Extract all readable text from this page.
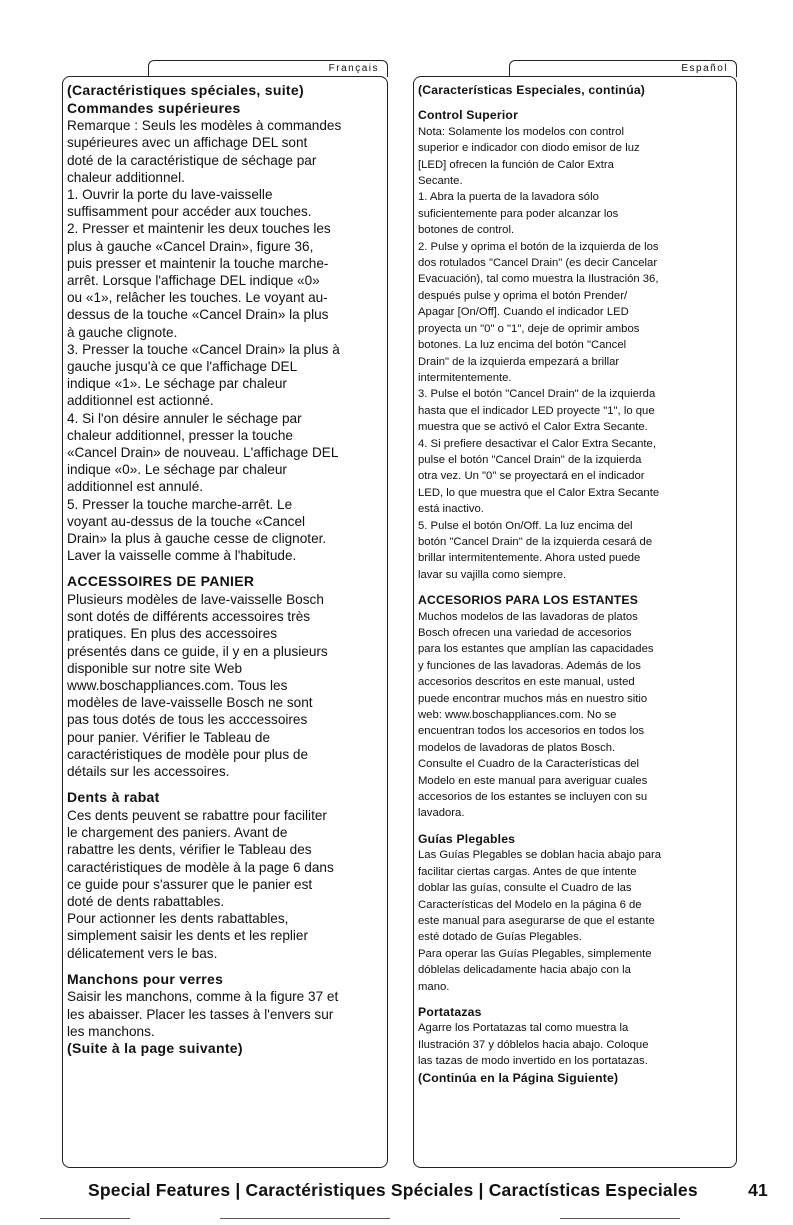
Français
(Caractéristiques spéciales, suite)
Commandes supérieures

Remarque : Seuls les modèles à commandes

supérieures avec un affichage DEL sont

doté de la caractéristique de séchage par

chaleur additionnel.

1. Ouvrir la porte du lave-vaisselle

suffisamment pour accéder aux touches.

2. Presser et maintenir les deux touches les

plus à gauche «Cancel Drain», figure 36,

puis presser et maintenir la touche marche-

arrêt. Lorsque l'affichage DEL indique «0»

ou «1», relâcher les touches. Le voyant au-

dessus de la touche «Cancel Drain» la plus

à gauche clignote.

3. Presser la touche «Cancel Drain» la plus à

gauche jusqu'à ce que l'affichage DEL

indique «1». Le séchage par chaleur

additionnel est actionné.

4. Si l'on désire annuler le séchage par

chaleur additionnel, presser la touche

«Cancel Drain» de nouveau. L'affichage DEL

indique «0». Le séchage par chaleur

additionnel est annulé.

5. Presser la touche marche-arrêt. Le

voyant au-dessus de la touche «Cancel

Drain» la plus à gauche cesse de clignoter.

Laver la vaisselle comme à l'habitude.

ACCESSOIRES DE PANIER

Plusieurs modèles de lave-vaisselle Bosch

sont dotés de différents accessoires très

pratiques. En plus des accessoires

présentés dans ce guide, il y en a plusieurs

disponible sur notre site Web

www.boschappliances.com. Tous les

modèles de lave-vaisselle Bosch ne sont

pas tous dotés de tous les acccessoires

pour panier. Vérifier le Tableau de

caractéristiques de modèle pour plus de

détails sur les accessoires.

Dents à rabat

Ces dents peuvent se rabattre pour faciliter

le chargement des paniers. Avant de

rabattre les dents, vérifier le Tableau des

caractéristiques de modèle à la page 6 dans

ce guide pour s'assurer que le panier est

doté de dents rabattables.

Pour actionner les dents rabattables,

simplement saisir les dents et les replier

délicatement vers le bas.

Manchons pour verres

Saisir les manchons, comme à la figure 37 et

les abaisser. Placer les tasses à l'envers sur

les manchons.

(Suite à la page suivante)
Español
(Características Especiales, continúa)
Control Superior

Nota: Solamente los modelos con control

superior e indicador con diodo emisor de luz

[LED] ofrecen la función de Calor Extra

Secante.

1. Abra la puerta de la lavadora sólo

suficientemente para poder alcanzar los

botones de control.

2. Pulse y oprima el botón de la izquierda de los

dos rotulados "Cancel Drain" (es decir Cancelar

Evacuación), tal como muestra la Ilustración 36,

después pulse y oprima el botón Prender/

Apagar [On/Off]. Cuando el indicador LED

proyecta un "0" o "1", deje de oprimir ambos

botones. La luz encima del botón "Cancel

Drain" de la izquierda empezará a brillar

intermitentemente.

3. Pulse el botón "Cancel Drain" de la izquierda

hasta que el indicador LED proyecte "1", lo que

muestra que se activó el Calor Extra Secante.

4. Si prefiere desactivar el Calor Extra Secante,

pulse el botón "Cancel Drain" de la izquierda

otra vez. Un "0" se proyectará en el indicador

LED, lo que muestra que el Calor Extra Secante

está inactivo.

5. Pulse el botón On/Off. La luz encima del

botón "Cancel Drain" de la izquierda cesará de

brillar intermitentemente. Ahora usted puede

lavar su vajilla como siempre.

ACCESORIOS PARA LOS ESTANTES

Muchos modelos de las lavadoras de platos

Bosch ofrecen una variedad de accesorios

para los estantes que amplían las capacidades

y funciones de las lavadoras. Además de los

accesorios descritos en este manual, usted

puede encontrar muchos más en nuestro sitio

web: www.boschappliances.com. No se

encuentran todos los accesorios en todos los

modelos de lavadoras de platos Bosch.

Consulte el Cuadro de la Características del

Modelo en este manual para averiguar cuales

accesorios de los estantes se incluyen con su

lavadora.

Guías Plegables

Las Guías Plegables se doblan hacia abajo para

facilitar ciertas cargas. Antes de que intente

doblar las guías, consulte el Cuadro de las

Características del Modelo en la página 6 de

este manual para asegurarse de que el estante

esté dotado de Guías Plegables.

Para operar las Guías Plegables, simplemente

dóblelas delicadamente hacia abajo con la

mano.

Portatazas

Agarre los Portatazas tal como muestra la

Ilustración 37 y dóblelos hacia abajo. Coloque

las tazas de modo invertido en los portatazas.

(Continúa en la Página Siguiente)
Special Features | Caractéristiques Spéciales | Caractísticas Especiales	41
